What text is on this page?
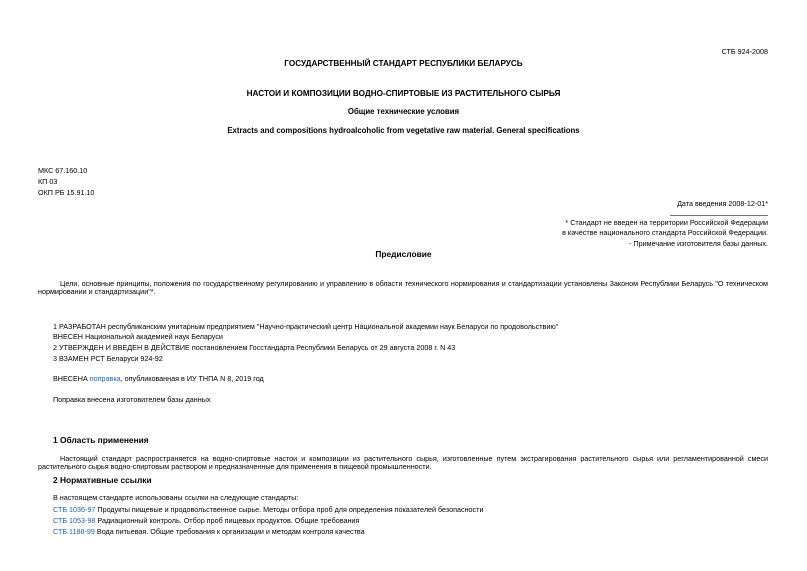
СТБ 924-2008
ГОСУДАРСТВЕННЫЙ СТАНДАРТ РЕСПУБЛИКИ БЕЛАРУСЬ
НАСТОИ И КОМПОЗИЦИИ ВОДНО-СПИРТОВЫЕ ИЗ РАСТИТЕЛЬНОГО СЫРЬЯ
Общие технические условия
Extracts and compositions hydroalcoholic from vegetative raw material. General specifications
МКС 67.160.10
КП 03
ОКП РБ 15.91.10
Дата введения 2008-12-01*
* Стандарт не введен на территории Российской Федерации
в качестве национального стандарта Российской Федерации.
- Примечание изготовителя базы данных.
Предисловие
Цели, основные принципы, положения по государственному регулированию и управлению в области технического нормирования и стандартизации установлены Законом Республики Беларусь "О техническом нормировании и стандартизации"*.
1 РАЗРАБОТАН республиканским унитарным предприятием "Научно-практический центр Национальной академии наук Беларуси по продовольствию"
ВНЕСЕН Национальной академией наук Беларуси
2 УТВЕРЖДЕН И ВВЕДЕН В ДЕЙСТВИЕ постановлением Госстандарта Республики Беларусь от 29 августа 2008 г. N 43
3 ВЗАМЕН РСТ Беларуси 924-92
ВНЕСЕНА поправка, опубликованная в ИУ ТНПА N 8, 2019 год
Поправка внесена изготовителем базы данных
1 Область применения
Настоящий стандарт распространяется на водно-спиртовые настои и композиции из растительного сырья, изготовленные путем экстрагирования растительного сырья или регламентированной смеси растительного сырья водно-спиртовым раствором и предназначенные для применения в пищевой промышленности.
2 Нормативные ссылки
В настоящем стандарте использованы ссылки на следующие стандарты:
СТБ 1036-97 Продукты пищевые и продовольственное сырье. Методы отбора проб для определения показателей безопасности
СТБ 1053-98 Радиационный контроль. Отбор проб пищевых продуктов. Общие требования
СТБ 1188-99 Вода питьевая. Общие требования к организации и методам контроля качества
